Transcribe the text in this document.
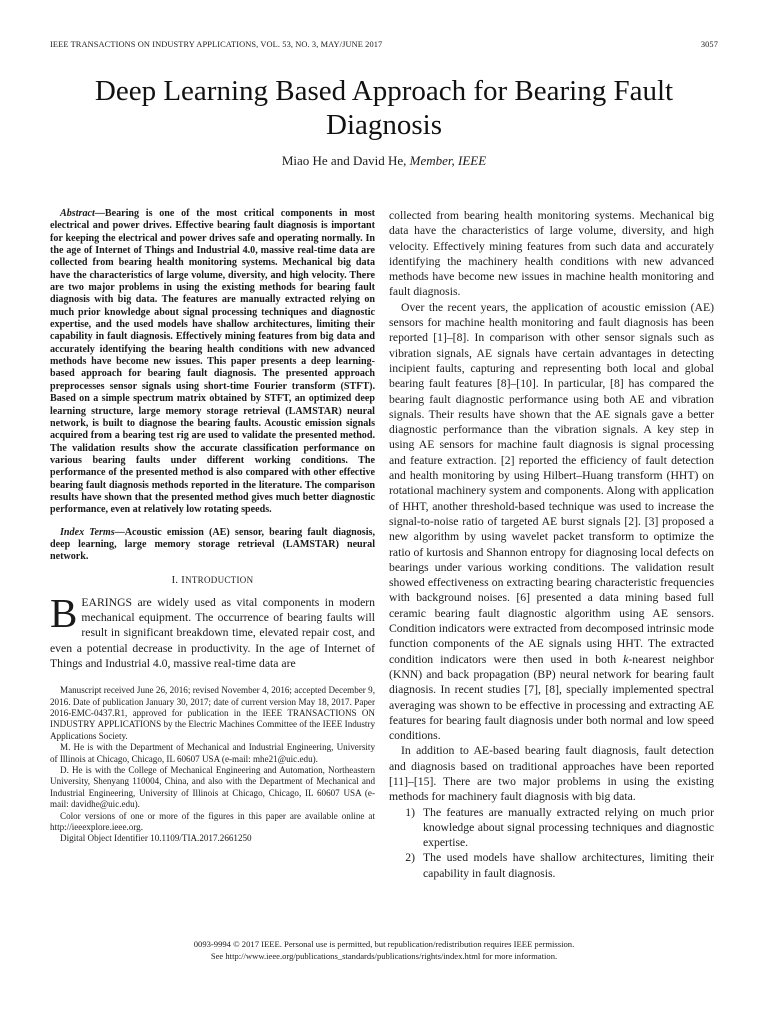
IEEE TRANSACTIONS ON INDUSTRY APPLICATIONS, VOL. 53, NO. 3, MAY/JUNE 2017	3057
Deep Learning Based Approach for Bearing Fault Diagnosis
Miao He and David He, Member, IEEE

Abstract—Bearing is one of the most critical components in most electrical and power drives. Effective bearing fault diagnosis is important for keeping the electrical and power drives safe and operating normally. In the age of Internet of Things and Industrial 4.0, massive real-time data are collected from bearing health monitoring systems. Mechanical big data have the characteristics of large volume, diversity, and high velocity. There are two major problems in using the existing methods for bearing fault diagnosis with big data. The features are manually extracted relying on much prior knowledge about signal processing techniques and diagnostic expertise, and the used models have shallow architectures, limiting their capability in fault diagnosis. Effectively mining features from big data and accurately identifying the bearing health conditions with new advanced methods have become new issues. This paper presents a deep learning-based approach for bearing fault diagnosis. The presented approach preprocesses sensor signals using short-time Fourier transform (STFT). Based on a simple spectrum matrix obtained by STFT, an optimized deep learning structure, large memory storage retrieval (LAMSTAR) neural network, is built to diagnose the bearing faults. Acoustic emission signals acquired from a bearing test rig are used to validate the presented method. The validation results show the accurate classification performance on various bearing faults under different working conditions. The performance of the presented method is also compared with other effective bearing fault diagnosis methods reported in the literature. The comparison results have shown that the presented method gives much better diagnostic performance, even at relatively low rotating speeds.

Index Terms—Acoustic emission (AE) sensor, bearing fault diagnosis, deep learning, large memory storage retrieval (LAMSTAR) neural network.

I. INTRODUCTION

BEARINGS are widely used as vital components in modern mechanical equipment. The occurrence of bearing faults will result in significant breakdown time, elevated repair cost, and even a potential decrease in productivity. In the age of Internet of Things and Industrial 4.0, massive real-time data are

Manuscript received June 26, 2016; revised November 4, 2016; accepted December 9, 2016. Date of publication January 30, 2017; date of current version May 18, 2017. Paper 2016-EMC-0437.R1, approved for publication in the IEEE TRANSACTIONS ON INDUSTRY APPLICATIONS by the Electric Machines Committee of the IEEE Industry Applications Society.

M. He is with the Department of Mechanical and Industrial Engineering, University of Illinois at Chicago, Chicago, IL 60607 USA (e-mail: mhe21@uic.edu).

D. He is with the College of Mechanical Engineering and Automation, Northeastern University, Shenyang 110004, China, and also with the Department of Mechanical and Industrial Engineering, University of Illinois at Chicago, Chicago, IL 60607 USA (e-mail: davidhe@uic.edu).

Color versions of one or more of the figures in this paper are available online at http://ieeexplore.ieee.org.

Digital Object Identifier 10.1109/TIA.2017.2661250

collected from bearing health monitoring systems. Mechanical big data have the characteristics of large volume, diversity, and high velocity. Effectively mining features from such data and accurately identifying the machinery health conditions with new advanced methods have become new issues in machine health monitoring and fault diagnosis.

Over the recent years, the application of acoustic emission (AE) sensors for machine health monitoring and fault diagnosis has been reported [1]–[8]. In comparison with other sensor signals such as vibration signals, AE signals have certain advantages in detecting incipient faults, capturing and representing both local and global bearing fault features [8]–[10]. In particular, [8] has compared the bearing fault diagnostic performance using both AE and vibration signals. Their results have shown that the AE signals gave a better diagnostic performance than the vibration signals. A key step in using AE sensors for machine fault diagnosis is signal processing and feature extraction. [2] reported the efficiency of fault detection and health monitoring by using Hilbert–Huang transform (HHT) on rotational machinery system and components. Along with application of HHT, another threshold-based technique was used to increase the signal-to-noise ratio of targeted AE burst signals [2]. [3] proposed a new algorithm by using wavelet packet transform to optimize the ratio of kurtosis and Shannon entropy for diagnosing local defects on bearings under various working conditions. The validation result showed effectiveness on extracting bearing characteristic frequencies with background noises. [6] presented a data mining based full ceramic bearing fault diagnostic algorithm using AE sensors. Condition indicators were extracted from decomposed intrinsic mode function components of the AE signals using HHT. The extracted condition indicators were then used in both k-nearest neighbor (KNN) and back propagation (BP) neural network for bearing fault diagnosis. In recent studies [7], [8], specially implemented spectral averaging was shown to be effective in processing and extracting AE features for bearing fault diagnosis under both normal and low speed conditions.

In addition to AE-based bearing fault diagnosis, fault detection and diagnosis based on traditional approaches have been reported [11]–[15]. There are two major problems in using the existing methods for machinery fault diagnosis with big data.

1) The features are manually extracted relying on much prior knowledge about signal processing techniques and diagnostic expertise.
2) The used models have shallow architectures, limiting their capability in fault diagnosis.
0093-9994 © 2017 IEEE. Personal use is permitted, but republication/redistribution requires IEEE permission.
See http://www.ieee.org/publications_standards/publications/rights/index.html for more information.
